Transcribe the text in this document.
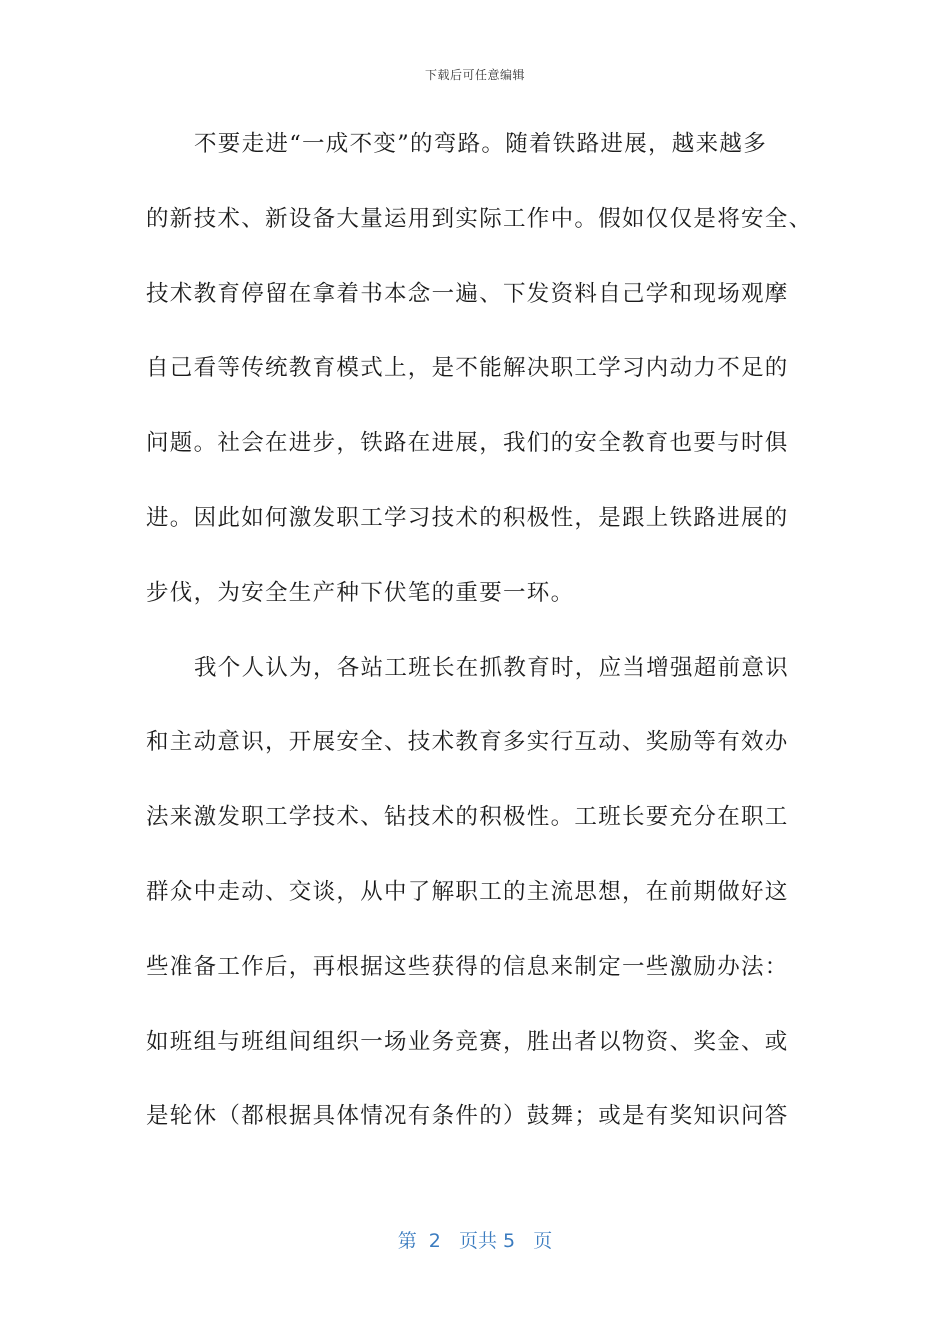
下载后可任意编辑
不要走进“一成不变”的弯路。随着铁路进展，越来越多
的新技术、新设备大量运用到实际工作中。假如仅仅是将安全、
技术教育停留在拿着书本念一遍、下发资料自己学和现场观摩
自己看等传统教育模式上，是不能解决职工学习内动力不足的
问题。社会在进步，铁路在进展，我们的安全教育也要与时俱
进。因此如何激发职工学习技术的积极性，是跟上铁路进展的
步伐，为安全生产种下伏笔的重要一环。
我个人认为，各站工班长在抓教育时，应当增强超前意识
和主动意识，开展安全、技术教育多实行互动、奖励等有效办
法来激发职工学技术、钻技术的积极性。工班长要充分在职工
群众中走动、交谈，从中了解职工的主流思想，在前期做好这
些准备工作后，再根据这些获得的信息来制定一些激励办法：
如班组与班组间组织一场业务竞赛，胜出者以物资、奖金、或
是轮休（都根据具体情况有条件的）鼓舞；或是有奖知识问答
第  2   页共 5   页
